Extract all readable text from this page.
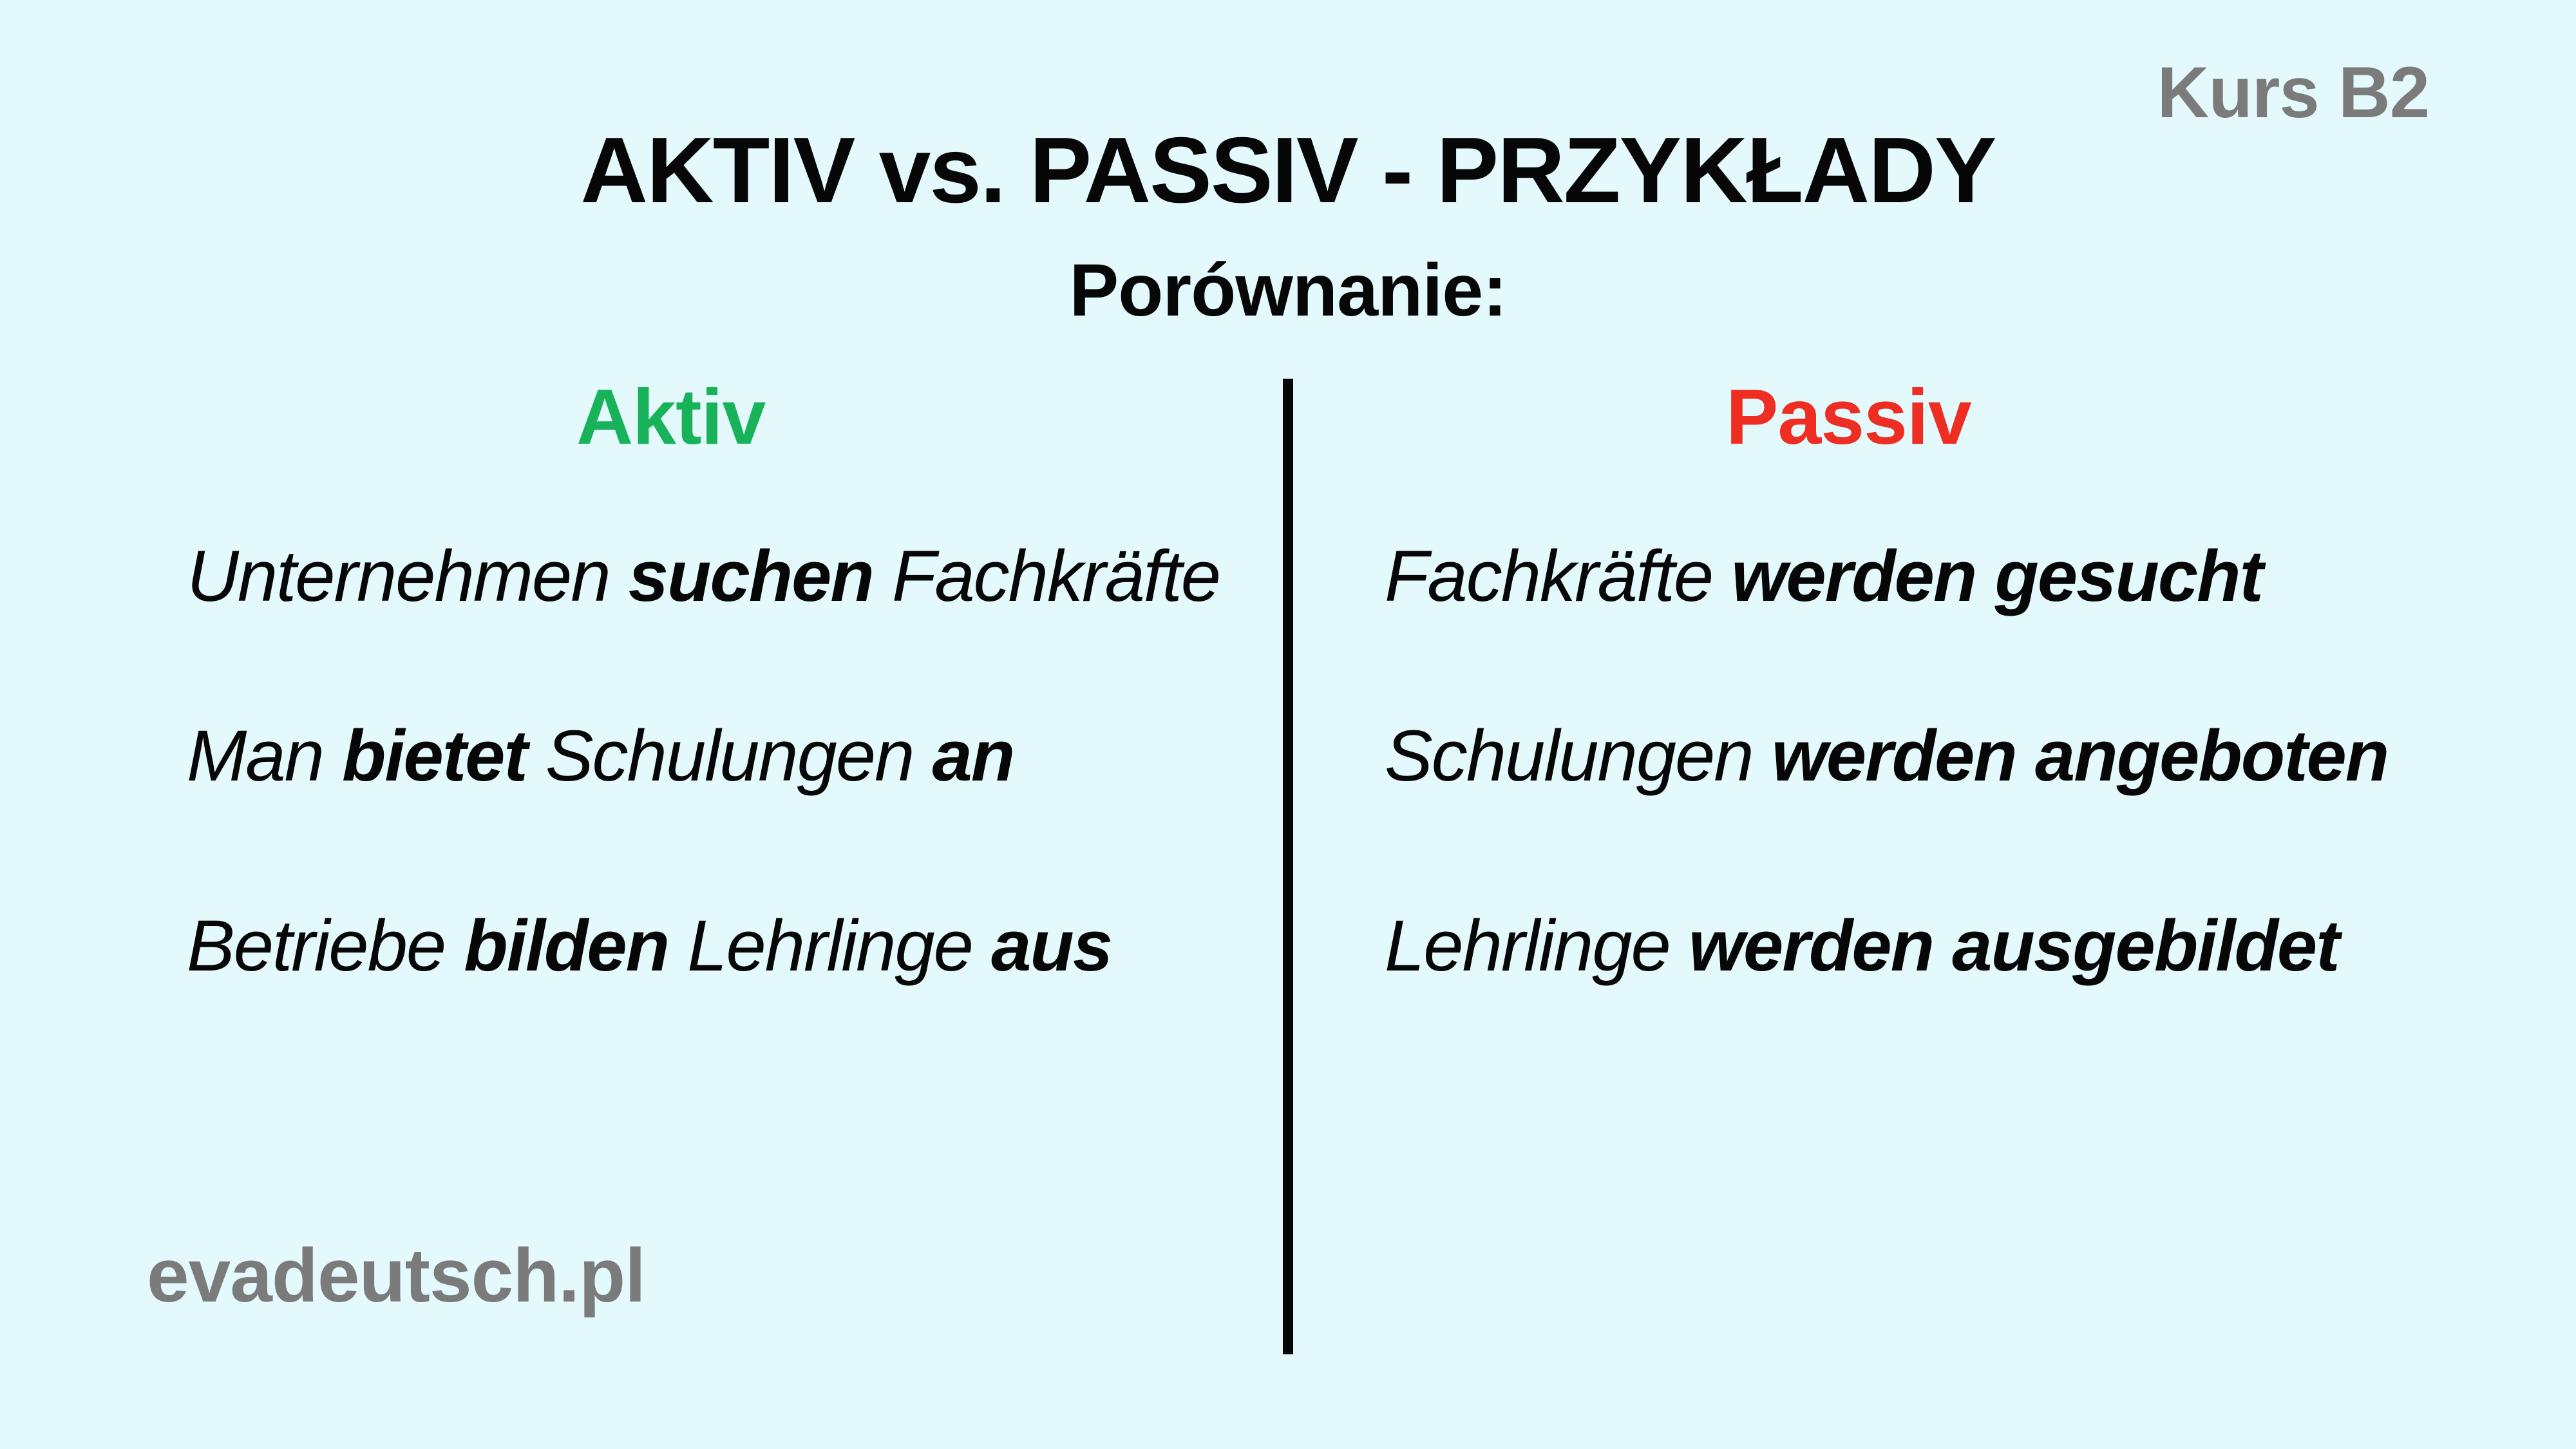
Kurs B2
AKTIV vs. PASSIV - PRZYKŁADY
Porównanie:
Aktiv	Passiv
Unternehmen suchen Fachkräfte
Man bietet Schulungen an
Betriebe bilden Lehrlinge aus
Fachkräfte werden gesucht
Schulungen werden angeboten
Lehrlinge werden ausgebildet
evadeutsch.pl
